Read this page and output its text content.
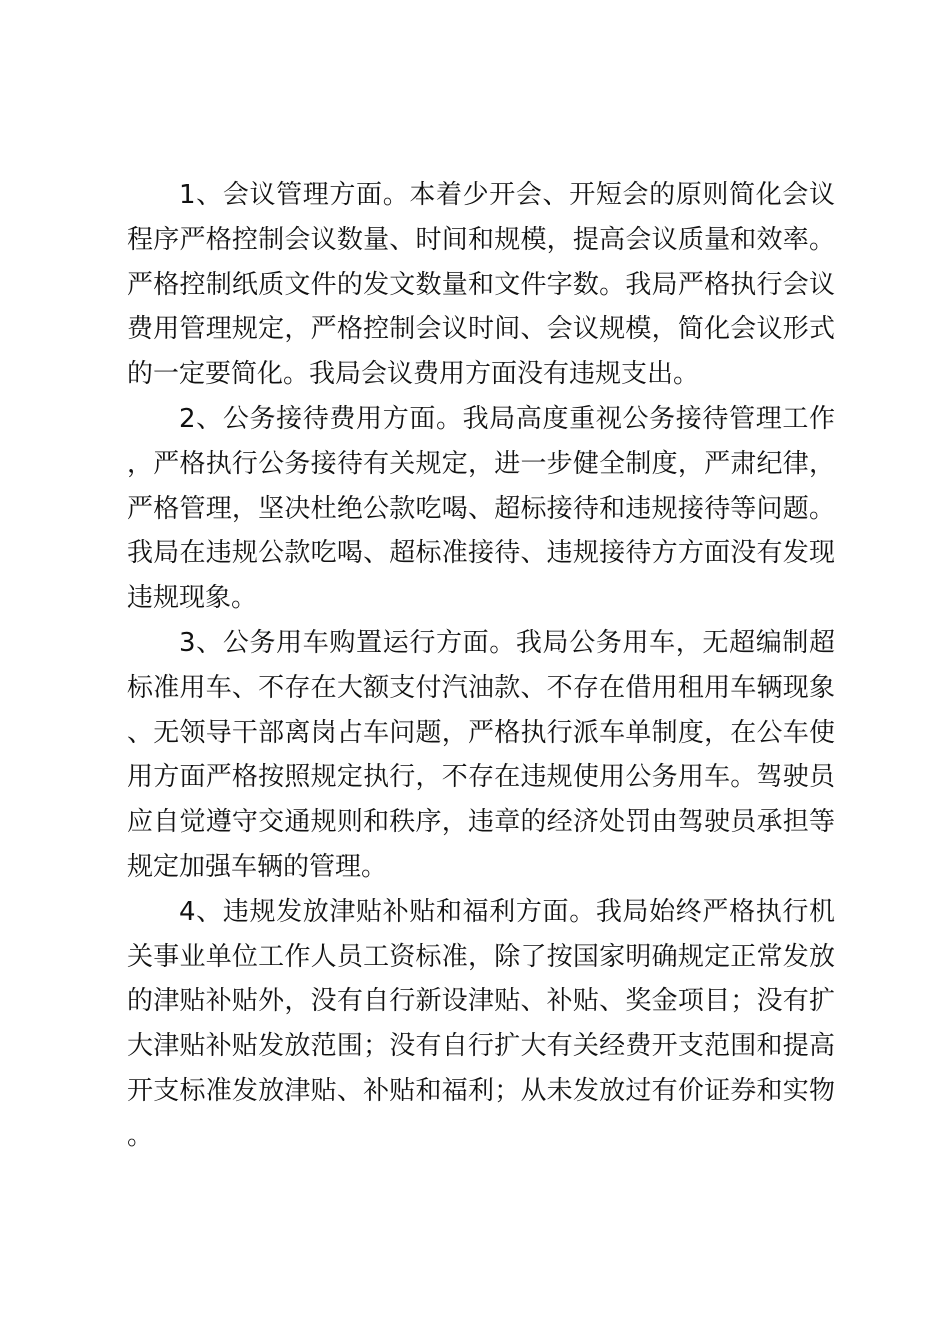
1、会议管理方面。本着少开会、开短会的原则简化会议程序严格控制会议数量、时间和规模，提高会议质量和效率。严格控制纸质文件的发文数量和文件字数。我局严格执行会议费用管理规定，严格控制会议时间、会议规模，简化会议形式的一定要简化。我局会议费用方面没有违规支出。

2、公务接待费用方面。我局高度重视公务接待管理工作，严格执行公务接待有关规定，进一步健全制度，严肃纪律，严格管理，坚决杜绝公款吃喝、超标接待和违规接待等问题。我局在违规公款吃喝、超标准接待、违规接待方方面没有发现违规现象。

3、公务用车购置运行方面。我局公务用车，无超编制超标准用车、不存在大额支付汽油款、不存在借用租用车辆现象、无领导干部离岗占车问题，严格执行派车单制度，在公车使用方面严格按照规定执行，不存在违规使用公务用车。驾驶员应自觉遵守交通规则和秩序，违章的经济处罚由驾驶员承担等规定加强车辆的管理。

4、违规发放津贴补贴和福利方面。我局始终严格执行机关事业单位工作人员工资标准，除了按国家明确规定正常发放的津贴补贴外，没有自行新设津贴、补贴、奖金项目；没有扩大津贴补贴发放范围；没有自行扩大有关经费开支范围和提高开支标准发放津贴、补贴和福利；从未发放过有价证券和实物。
